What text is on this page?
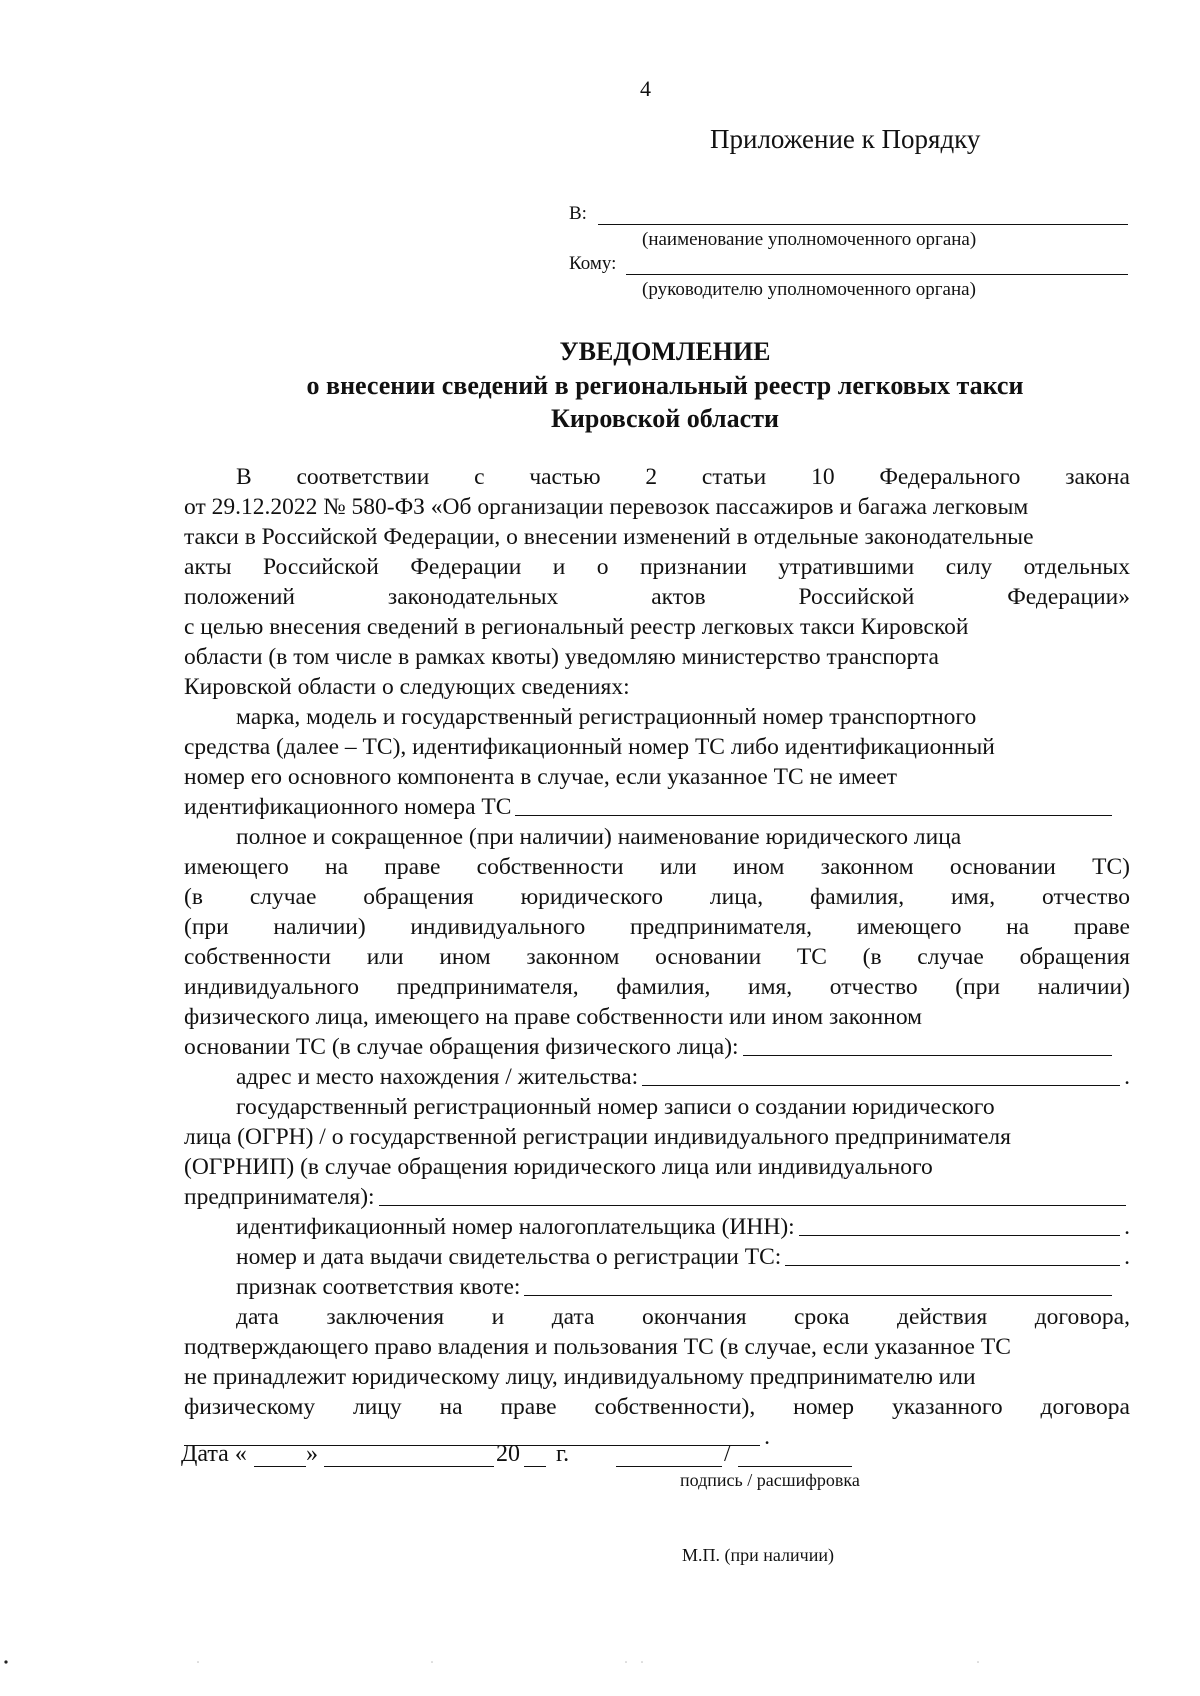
4
Приложение к Порядку
В:
(наименование уполномоченного органа)
Кому:
(руководителю уполномоченного органа)
УВЕДОМЛЕНИЕ
о внесении сведений в региональный реестр легковых такси
Кировской области
В соответствии с частью 2 статьи 10 Федерального закона
от 29.12.2022 № 580-ФЗ «Об организации перевозок пассажиров и багажа легковым
такси в Российской Федерации, о внесении изменений в отдельные законодательные
акты Российской Федерации и о признании утратившими силу отдельных
положений	законодательных	актов	Российской	Федерации»
с целью внесения сведений в региональный реестр легковых такси Кировской
области (в том числе в рамках квоты) уведомляю министерство транспорта
Кировской области о следующих сведениях:
марка, модель и государственный регистрационный номер транспортного
средства (далее – ТС), идентификационный номер ТС либо идентификационный
номер его основного компонента в случае, если указанное ТС не имеет
идентификационного номера ТС
полное и сокращенное (при наличии) наименование юридического лица
имеющего на праве собственности или ином законном основании ТС)
(в случае обращения юридического лица, фамилия, имя, отчество
(при наличии) индивидуального предпринимателя, имеющего на праве
собственности или ином законном основании ТС (в случае обращения
индивидуального предпринимателя, фамилия, имя, отчество (при наличии)
физического лица, имеющего на праве собственности или ином законном
основании ТС (в случае обращения физического лица):
адрес и место нахождения / жительства:	.
государственный регистрационный номер записи о создании юридического
лица (ОГРН) / о государственной регистрации индивидуального предпринимателя
(ОГРНИП) (в случае обращения юридического лица или индивидуального
предпринимателя):
идентификационный номер налогоплательщика (ИНН):	.
номер и дата выдачи свидетельства о регистрации ТС:	.
признак соответствия квоте:
дата заключения и дата окончания срока действия договора,
подтверждающего право владения и пользования ТС (в случае, если указанное ТС
не принадлежит юридическому лицу, индивидуальному предпринимателю или
физическому лицу на праве собственности), номер указанного договора
.
Дата « »	20 г.	/
подпись / расшифровка
М.П. (при наличии)
